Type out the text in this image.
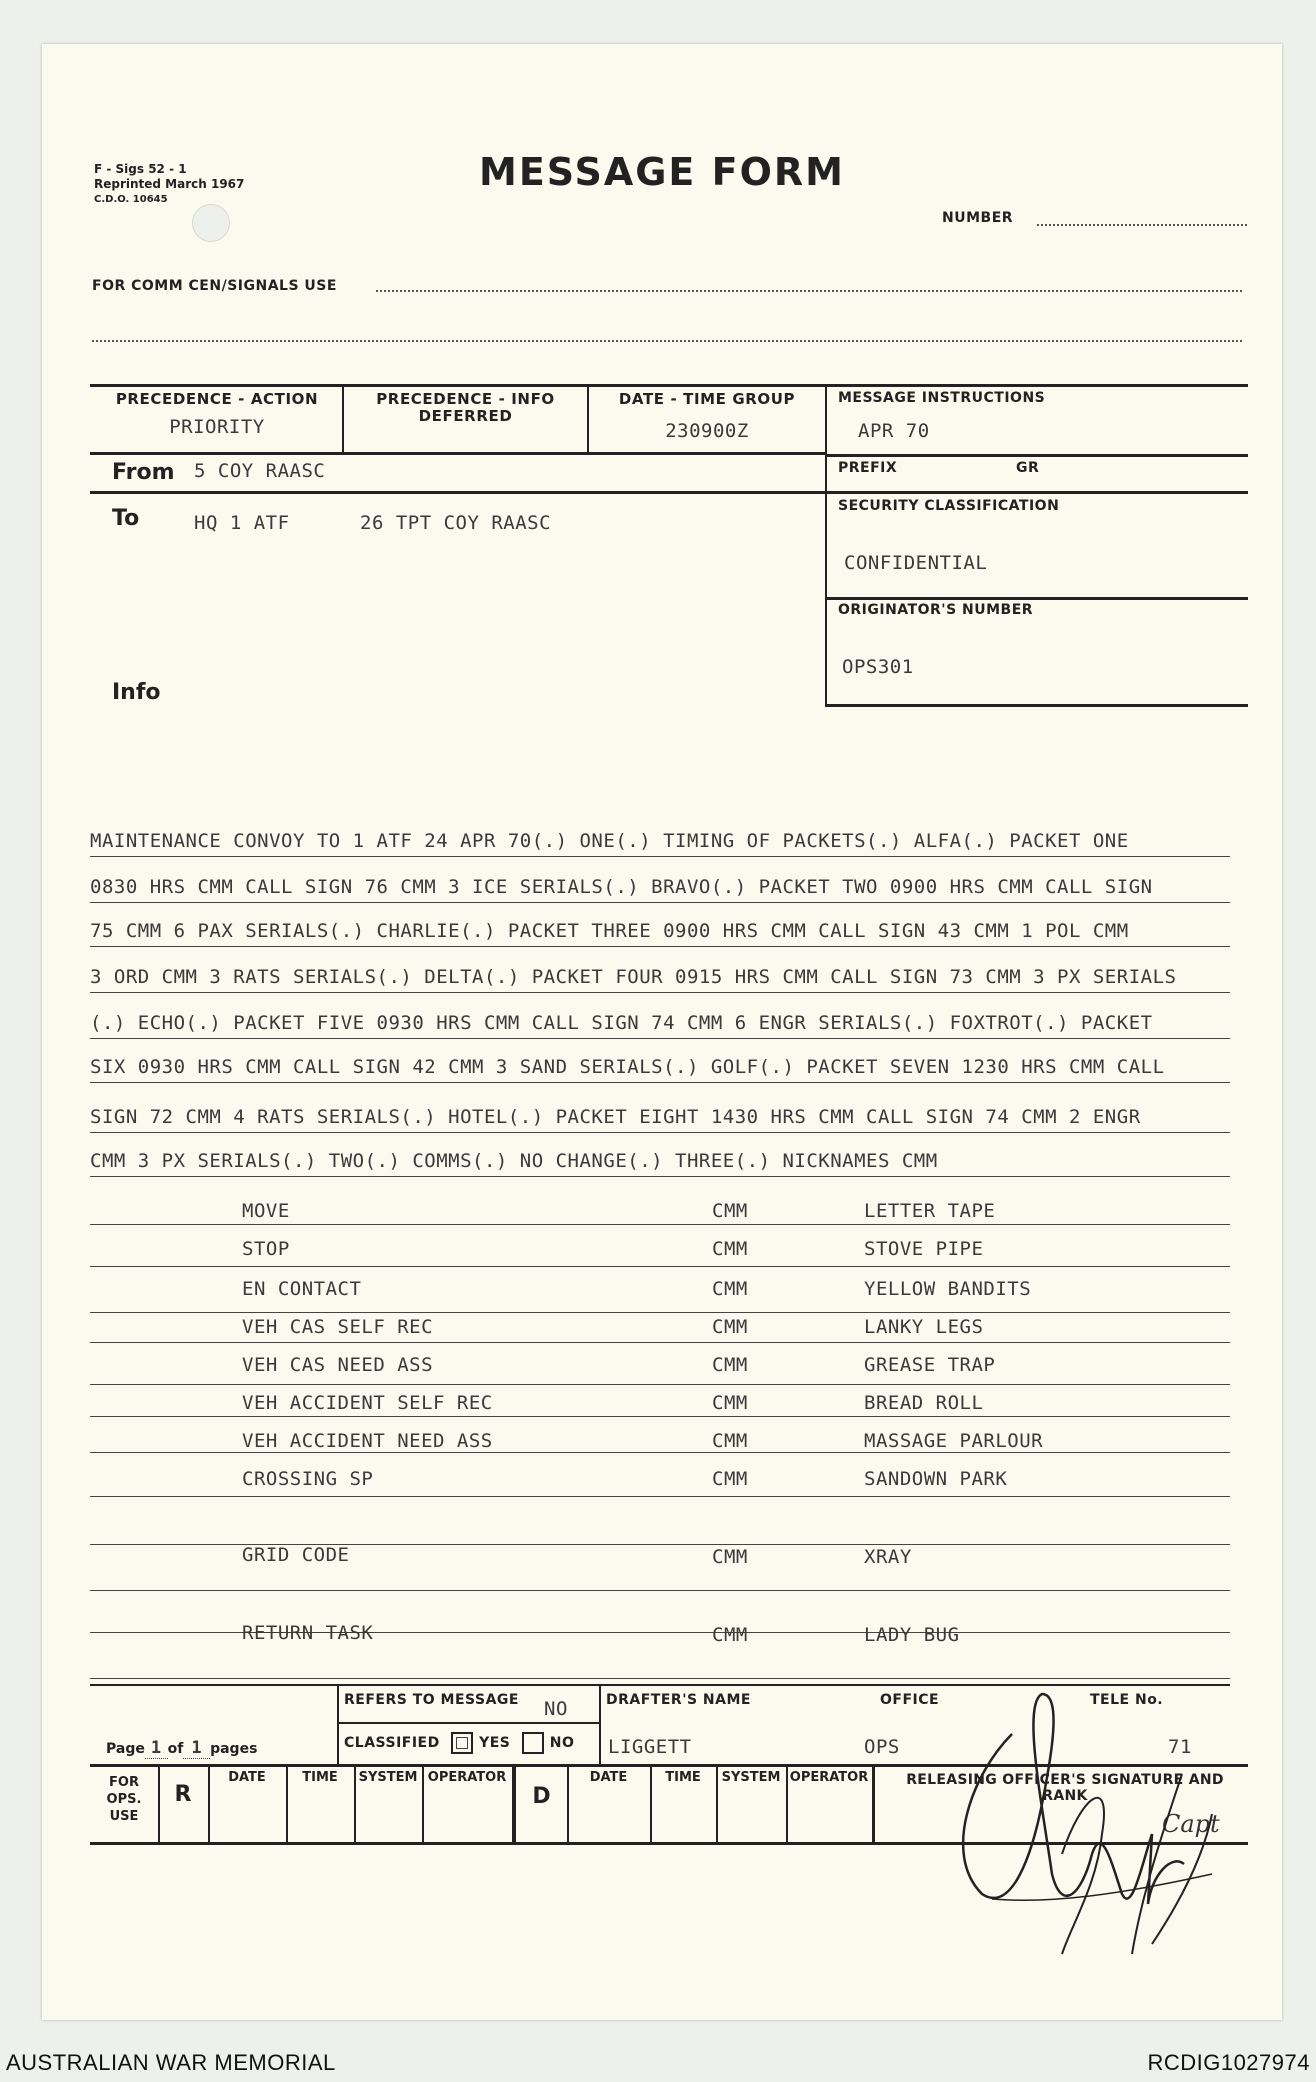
F - Sigs 52 - 1
Reprinted March 1967
C.D.O. 10645
MESSAGE FORM
NUMBER
FOR COMM CEN/SIGNALS USE
PRECEDENCE - ACTION
PRIORITY
PRECEDENCE - INFO
DEFERRED
DATE - TIME GROUP
230900Z
MESSAGE INSTRUCTIONS
APR 70
PREFIX	GR
SECURITY CLASSIFICATION
CONFIDENTIAL
ORIGINATOR'S NUMBER
OPS301
From 5 COY RAASC
To	HQ 1 ATF	26 TPT COY RAASC
Info
MAINTENANCE CONVOY TO 1 ATF 24 APR 70(.) ONE(.) TIMING OF PACKETS(.) ALFA(.) PACKET ONE
0830 HRS CMM CALL SIGN 76 CMM 3 ICE SERIALS(.) BRAVO(.) PACKET TWO 0900 HRS CMM CALL SIGN
75 CMM 6 PAX SERIALS(.) CHARLIE(.) PACKET THREE 0900 HRS CMM CALL SIGN 43 CMM 1 POL CMM
3 ORD CMM 3 RATS SERIALS(.) DELTA(.) PACKET FOUR 0915 HRS CMM CALL SIGN 73 CMM 3 PX SERIALS
(.) ECHO(.) PACKET FIVE 0930 HRS CMM CALL SIGN 74 CMM 6 ENGR SERIALS(.) FOXTROT(.) PACKET
SIX 0930 HRS CMM CALL SIGN 42 CMM 3 SAND SERIALS(.) GOLF(.) PACKET SEVEN 1230 HRS CMM CALL
SIGN 72 CMM 4 RATS SERIALS(.) HOTEL(.) PACKET EIGHT 1430 HRS CMM CALL SIGN 74 CMM 2 ENGR
CMM 3 PX SERIALS(.) TWO(.) COMMS(.) NO CHANGE(.) THREE(.) NICKNAMES CMM
MOVE	CMM	LETTER TAPE
STOP	CMM	STOVE PIPE
EN CONTACT	CMM	YELLOW BANDITS
VEH CAS SELF REC	CMM	LANKY LEGS
VEH CAS NEED ASS	CMM	GREASE TRAP
VEH ACCIDENT SELF REC	CMM	BREAD ROLL
VEH ACCIDENT NEED ASS	CMM	MASSAGE PARLOUR
CROSSING SP	CMM	SANDOWN PARK
GRID CODE	CMM	XRAY
RETURN TASK	CMM	LADY BUG
REFERS TO MESSAGE NO
CLASSIFIED	YES	NO
DRAFTER'S NAME
LIGGETT
OFFICE
OPS
TELE No.
71
Page 1 of 1 pages
FOR
OPS.
USE
R
DATE	TIME	SYSTEM OPERATOR
D
DATE	TIME	SYSTEM OPERATOR	RELEASING OFFICER'S SIGNATURE AND RANK
Capt
AUSTRALIAN WAR MEMORIAL	RCDIG1027974
